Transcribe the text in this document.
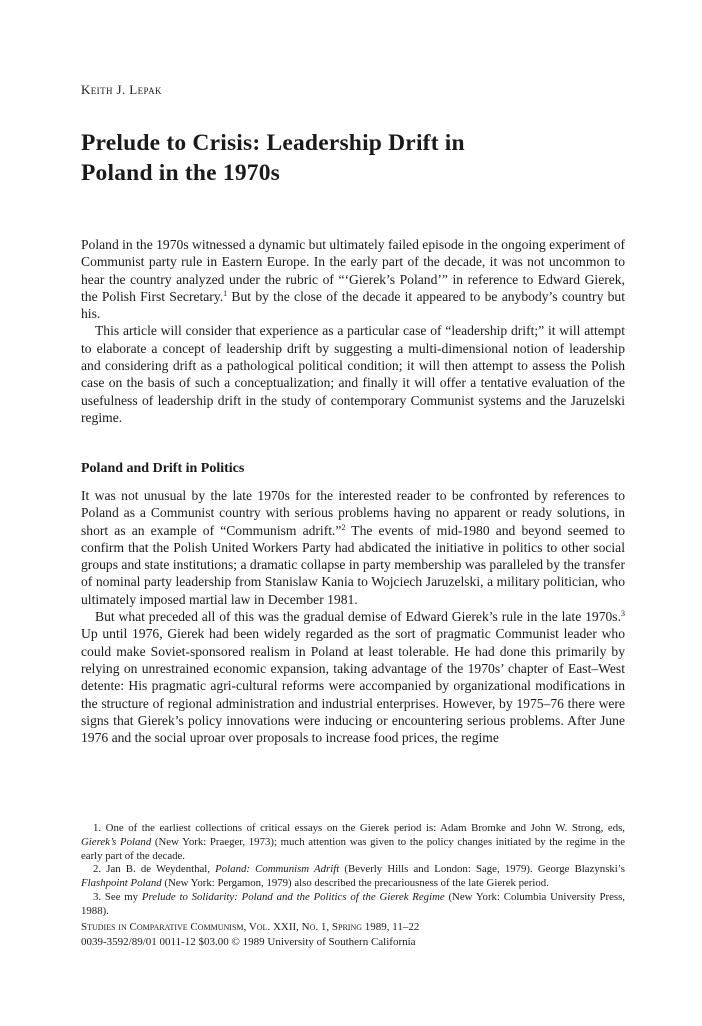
Keith J. Lepak
Prelude to Crisis: Leadership Drift in
Poland in the 1970s

Poland in the 1970s witnessed a dynamic but ultimately failed episode in the ongoing experiment of Communist party rule in Eastern Europe. In the early part of the decade, it was not uncommon to hear the country analyzed under the rubric of “‘Gierek’s Poland’” in reference to Edward Gierek, the Polish First Secretary.$^1$ But by the close of the decade it appeared to be anybody’s country but his.

This article will consider that experience as a particular case of “leadership drift;” it will attempt to elaborate a concept of leadership drift by suggesting a multi-dimensional notion of leadership and considering drift as a pathological political condition; it will then attempt to assess the Polish case on the basis of such a conceptualization; and finally it will offer a tentative evaluation of the usefulness of leadership drift in the study of contemporary Communist systems and the Jaruzelski regime.

Poland and Drift in Politics

It was not unusual by the late 1970s for the interested reader to be confronted by references to Poland as a Communist country with serious problems having no apparent or ready solutions, in short as an example of “Communism adrift.”$^2$ The events of mid-1980 and beyond seemed to confirm that the Polish United Workers Party had abdicated the initiative in politics to other social groups and state institutions; a dramatic collapse in party membership was paralleled by the transfer of nominal party leadership from Stanislaw Kania to Wojciech Jaruzelski, a military politician, who ultimately imposed martial law in December 1981.

But what preceded all of this was the gradual demise of Edward Gierek’s rule in the late 1970s.$^3$ Up until 1976, Gierek had been widely regarded as the sort of pragmatic Communist leader who could make Soviet-sponsored realism in Poland at least tolerable. He had done this primarily by relying on unrestrained economic expansion, taking advantage of the 1970s’ chapter of East–West detente: His pragmatic agri-cultural reforms were accompanied by organizational modifications in the structure of regional administration and industrial enterprises. However, by 1975–76 there were signs that Gierek’s policy innovations were inducing or encountering serious problems. After June 1976 and the social uproar over proposals to increase food prices, the regime

1. One of the earliest collections of critical essays on the Gierek period is: Adam Bromke and John W. Strong, eds, Gierek’s Poland (New York: Praeger, 1973); much attention was given to the policy changes initiated by the regime in the early part of the decade.

2. Jan B. de Weydenthal, Poland: Communism Adrift (Beverly Hills and London: Sage, 1979). George Blazynski’s Flashpoint Poland (New York: Pergamon, 1979) also described the precariousness of the late Gierek period.

3. See my Prelude to Solidarity: Poland and the Politics of the Gierek Regime (New York: Columbia University Press, 1988).

Studies in Comparative Communism, Vol. XXII, No. 1, Spring 1989, 11–22
0039-3592/89/01 0011-12 $03.00 © 1989 University of Southern California
